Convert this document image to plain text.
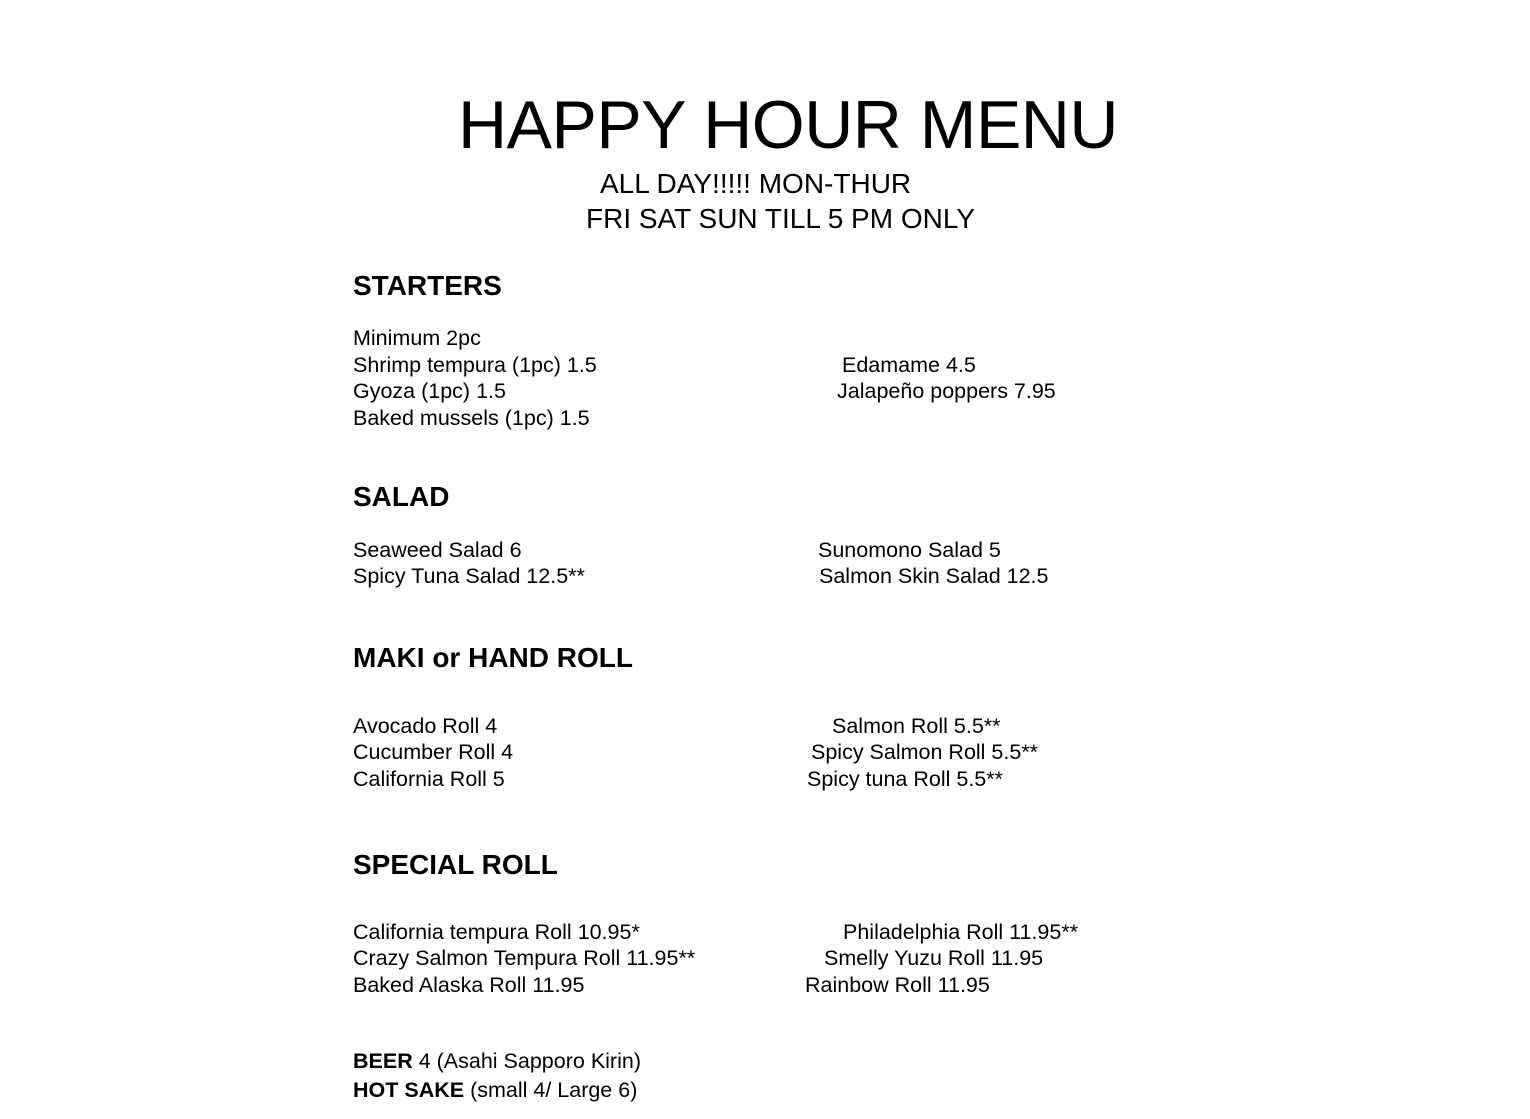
HAPPY HOUR MENU
ALL DAY!!!!! MON-THUR
FRI SAT SUN TILL 5 PM ONLY
STARTERS
Minimum 2pc
Shrimp tempura (1pc) 1.5
Gyoza (1pc) 1.5
Baked mussels (1pc) 1.5
Edamame 4.5
Jalapeño poppers 7.95
SALAD
Seaweed Salad 6
Spicy Tuna Salad 12.5**
Sunomono Salad 5
Salmon Skin Salad 12.5
MAKI or HAND ROLL
Avocado Roll 4
Cucumber Roll 4
California Roll 5
Salmon Roll 5.5**
Spicy Salmon Roll 5.5**
Spicy tuna Roll 5.5**
SPECIAL ROLL
California tempura Roll 10.95*
Crazy Salmon Tempura Roll 11.95**
Baked Alaska Roll 11.95
Philadelphia Roll 11.95**
Smelly Yuzu Roll 11.95
Rainbow Roll 11.95
BEER 4 (Asahi Sapporo Kirin)
HOT SAKE (small 4/ Large 6)
